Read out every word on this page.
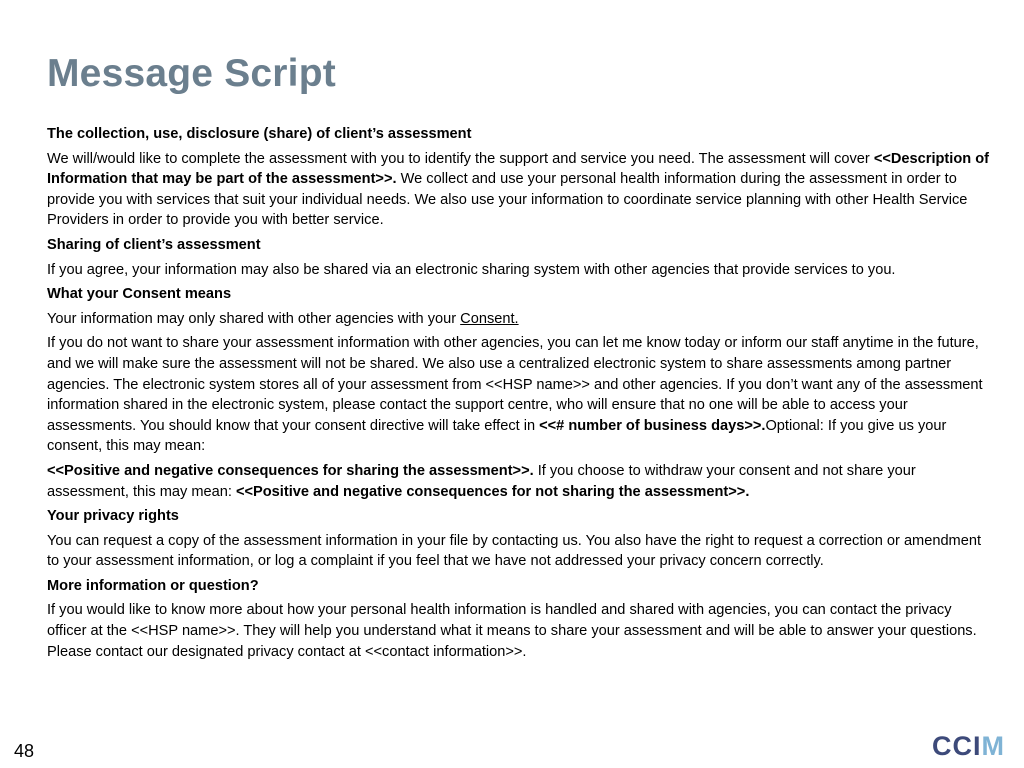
Message Script

The collection, use, disclosure (share) of client’s assessment

We will/would like to complete the assessment with you to identify the support and service you need. The assessment will cover <<Description of Information that may be part of the assessment>>. We collect and use your personal health information during the assessment in order to provide you with services that suit your individual needs. We also use your information to coordinate service planning with other Health Service Providers in order to provide you with better service.

Sharing of client’s assessment

If you agree, your information may also be shared via an electronic sharing system with other agencies that provide services to you.

What your Consent means

Your information may only shared with other agencies with your Consent.

If you do not want to share your assessment information with other agencies, you can let me know today or inform our staff anytime in the future, and we will make sure the assessment will not be shared. We also use a centralized electronic system to share assessments among partner agencies. The electronic system stores all of your assessment from <<HSP name>> and other agencies. If you don’t want any of the assessment information shared in the electronic system, please contact the support centre, who will ensure that no one will be able to access your assessments. You should know that your consent directive will take effect in <<# number of business days>>.Optional: If you give us your consent, this may mean:

<<Positive and negative consequences for sharing the assessment>>. If you choose to withdraw your consent and not share your assessment, this may mean: <<Positive and negative consequences for not sharing the assessment>>.

Your privacy rights

You can request a copy of the assessment information in your file by contacting us. You also have the right to request a correction or amendment to your assessment information, or log a complaint if you feel that we have not addressed your privacy concern correctly.

More information or question?

If you would like to know more about how your personal health information is handled and shared with agencies, you can contact the privacy officer at the <<HSP name>>. They will help you understand what it means to share your assessment and will be able to answer your questions. Please contact our designated privacy contact at <<contact information>>.

48	CCIM
